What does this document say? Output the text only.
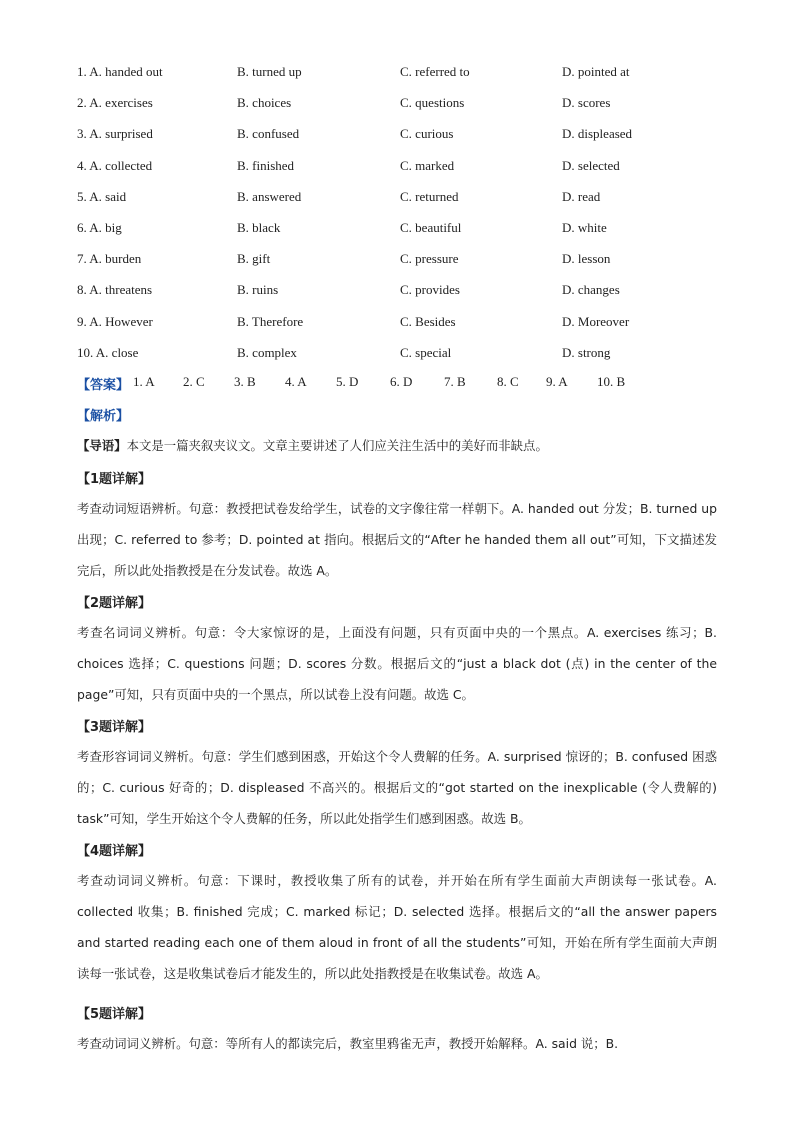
1. A. handed out	B. turned up	C. referred to	D. pointed at
2. A. exercises	B. choices	C. questions	D. scores
3. A. surprised	B. confused	C. curious	D. displeased
4. A. collected	B. finished	C. marked	D. selected
5. A. said	B. answered	C. returned	D. read
6. A. big	B. black	C. beautiful	D. white
7. A. burden	B. gift	C. pressure	D. lesson
8. A. threatens	B. ruins	C. provides	D. changes
9. A. However	B. Therefore	C. Besides	D. Moreover
10. A. close	B. complex	C. special	D. strong
【答案】 1. A 2. C 3. B 4. A 5. D 6. D 7. B 8. C 9. A 10. B
【解析】

【导语】本文是一篇夹叙夹议文。文章主要讲述了人们应关注生活中的美好而非缺点。

【1题详解】

考查动词短语辨析。句意：教授把试卷发给学生，试卷的文字像往常一样朝下。A. handed out 分发；B. turned up 出现；C. referred to 参考；D. pointed at 指向。根据后文的“After he handed them all out”可知，下文描述发完后，所以此处指教授是在分发试卷。故选 A。

【2题详解】

考查名词词义辨析。句意：令大家惊讶的是，上面没有问题，只有页面中央的一个黑点。A. exercises 练习；B. choices 选择；C. questions 问题；D. scores 分数。根据后文的“just a black dot (点) in the center of the page”可知，只有页面中央的一个黑点，所以试卷上没有问题。故选 C。

【3题详解】

考查形容词词义辨析。句意：学生们感到困惑，开始这个令人费解的任务。A. surprised 惊讶的；B. confused 困惑的；C. curious 好奇的；D. displeased 不高兴的。根据后文的“got started on the inexplicable (令人费解的) task”可知，学生开始这个令人费解的任务，所以此处指学生们感到困惑。故选 B。

【4题详解】

考查动词词义辨析。句意：下课时，教授收集了所有的试卷，并开始在所有学生面前大声朗读每一张试卷。A. collected 收集；B. finished 完成；C. marked 标记；D. selected 选择。根据后文的“all the answer papers and started reading each one of them aloud in front of all the students”可知，开始在所有学生面前大声朗读每一张试卷，这是收集试卷后才能发生的，所以此处指教授是在收集试卷。故选 A。

【5题详解】

考查动词词义辨析。句意：等所有人的都读完后，教室里鸦雀无声，教授开始解释。A. said 说；B.
